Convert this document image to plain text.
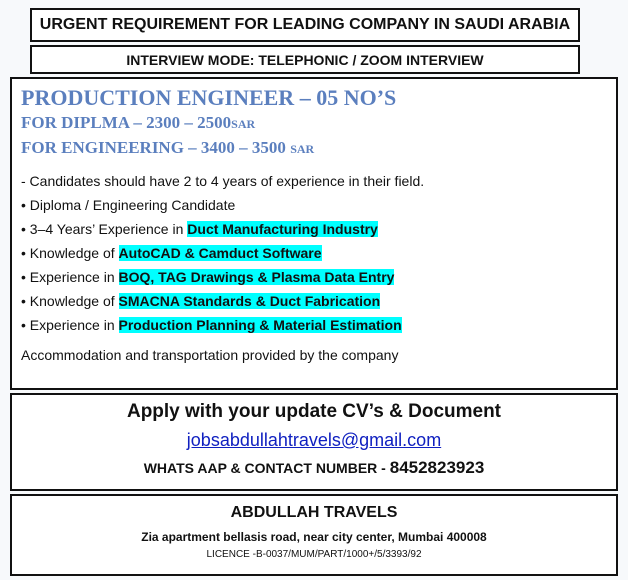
URGENT REQUIREMENT FOR LEADING COMPANY IN SAUDI ARABIA
INTERVIEW MODE: TELEPHONIC / ZOOM INTERVIEW
PRODUCTION ENGINEER – 05 NO’S
FOR DIPLMA – 2300 – 2500SAR
FOR ENGINEERING – 3400 – 3500 SAR
- Candidates should have 2 to 4 years of experience in their field.
• Diploma / Engineering Candidate
• 3–4 Years’ Experience in Duct Manufacturing Industry
• Knowledge of AutoCAD & Camduct Software
• Experience in BOQ, TAG Drawings & Plasma Data Entry
• Knowledge of SMACNA Standards & Duct Fabrication
• Experience in Production Planning & Material Estimation
Accommodation and transportation provided by the company
Apply with your update CV’s & Document
jobsabdullahtravels@gmail.com
WHATS AAP & CONTACT NUMBER - 8452823923
ABDULLAH TRAVELS
Zia apartment bellasis road, near city center, Mumbai 400008
LICENCE -B-0037/MUM/PART/1000+/5/3393/92
